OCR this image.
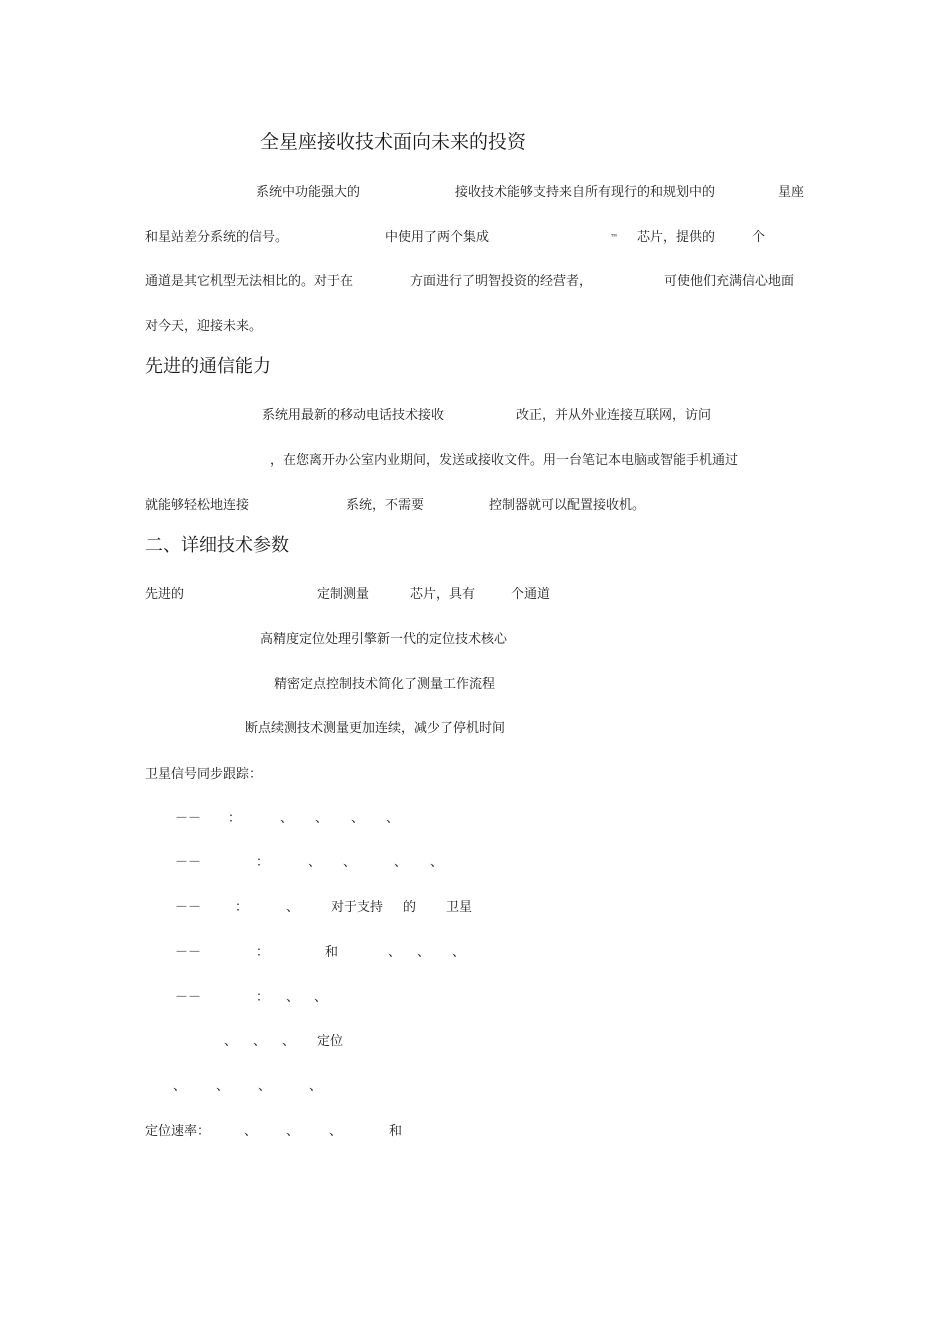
全星座接收技术面向未来的投资
系统中功能强大的	接收技术能够支持来自所有现行的和规划中的	星座
和星站差分系统的信号。	中使用了两个集成	™ 芯片，提供的	个
通道是其它机型无法相比的。对于在	方面进行了明智投资的经营者，	可使他们充满信心地面
对今天，迎接未来。
先进的通信能力
系统用最新的移动电话技术接收	改正，并从外业连接互联网，访问
，在您离开办公室内业期间，发送或接收文件。用一台笔记本电脑或智能手机通过
就能够轻松地连接	系统，不需要	控制器就可以配置接收机。
二、详细技术参数
先进的	定制测量	芯片，具有	个通道
高精度定位处理引擎新一代的定位技术核心
精密定点控制技术简化了测量工作流程
断点续测技术测量更加连续，减少了停机时间
卫星信号同步跟踪：
－－ ：	、 、 、 、
－－	：	、 、	、 、
－－	：	、 对于支持 的 卫星
－－	：	和	、 、 、
－－	： 、 、
、 、 、 定位
、 、 、	、
定位速率：	、 、 、	和
